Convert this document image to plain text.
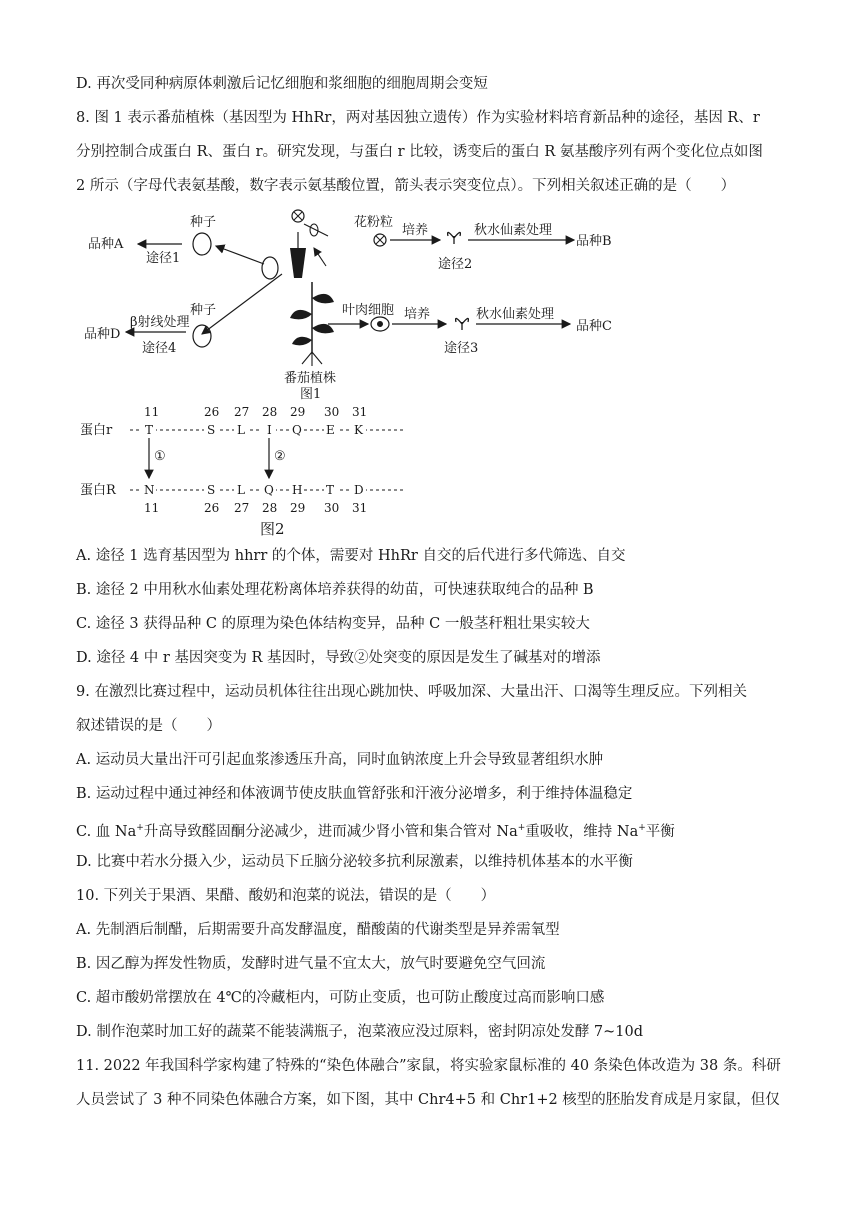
D. 再次受同种病原体刺激后记忆细胞和浆细胞的细胞周期会变短
8. 图 1 表示番茄植株（基因型为 HhRr，两对基因独立遗传）作为实验材料培育新品种的途径，基因 R、r
分别控制合成蛋白 R、蛋白 r。研究发现，与蛋白 r 比较，诱变后的蛋白 R 氨基酸序列有两个变化位点如图
2 所示（字母代表氨基酸，数字表示氨基酸位置，箭头表示突变位点）。下列相关叙述正确的是（　　）
种子
品种A
途径1
花粉粒
培养	秋水仙素处理
品种B
途径2
番茄植株
图1
种子
品种D
β射线处理
途径4
叶肉细胞 培养	秋水仙素处理
品种C
途径3
11	26 27 28 29 30 31
蛋白r	T	S L I Q E K
①	②
蛋白R N	S L Q H T D
11	26 27 28 29 30 31
图2
A. 途径 1 选育基因型为 hhrr 的个体，需要对 HhRr 自交的后代进行多代筛选、自交
B. 途径 2 中用秋水仙素处理花粉离体培养获得的幼苗，可快速获取纯合的品种 B
C. 途径 3 获得品种 C 的原理为染色体结构变异，品种 C 一般茎秆粗壮果实较大
D. 途径 4 中 r 基因突变为 R 基因时，导致②处突变的原因是发生了碱基对的增添
9. 在激烈比赛过程中，运动员机体往往出现心跳加快、呼吸加深、大量出汗、口渴等生理反应。下列相关
叙述错误的是（　　）
A. 运动员大量出汗可引起血浆渗透压升高，同时血钠浓度上升会导致显著组织水肿
B. 运动过程中通过神经和体液调节使皮肤血管舒张和汗液分泌增多，利于维持体温稳定
C. 血 Na+升高导致醛固酮分泌减少，进而减少肾小管和集合管对 Na+重吸收，维持 Na+平衡
D. 比赛中若水分摄入少，运动员下丘脑分泌较多抗利尿激素，以维持机体基本的水平衡
10. 下列关于果酒、果醋、酸奶和泡菜的说法，错误的是（　　）
A. 先制酒后制醋，后期需要升高发酵温度，醋酸菌的代谢类型是异养需氧型
B. 因乙醇为挥发性物质，发酵时进气量不宜太大，放气时要避免空气回流
C. 超市酸奶常摆放在 4℃的冷藏柜内，可防止变质，也可防止酸度过高而影响口感
D. 制作泡菜时加工好的蔬菜不能装满瓶子，泡菜液应没过原料，密封阴凉处发酵 7~10d
11. 2022 年我国科学家构建了特殊的“染色体融合”家鼠，将实验家鼠标准的 40 条染色体改造为 38 条。科研
人员尝试了 3 种不同染色体融合方案，如下图，其中 Chr4+5 和 Chr1+2 核型的胚胎发育成是月家鼠，但仅
